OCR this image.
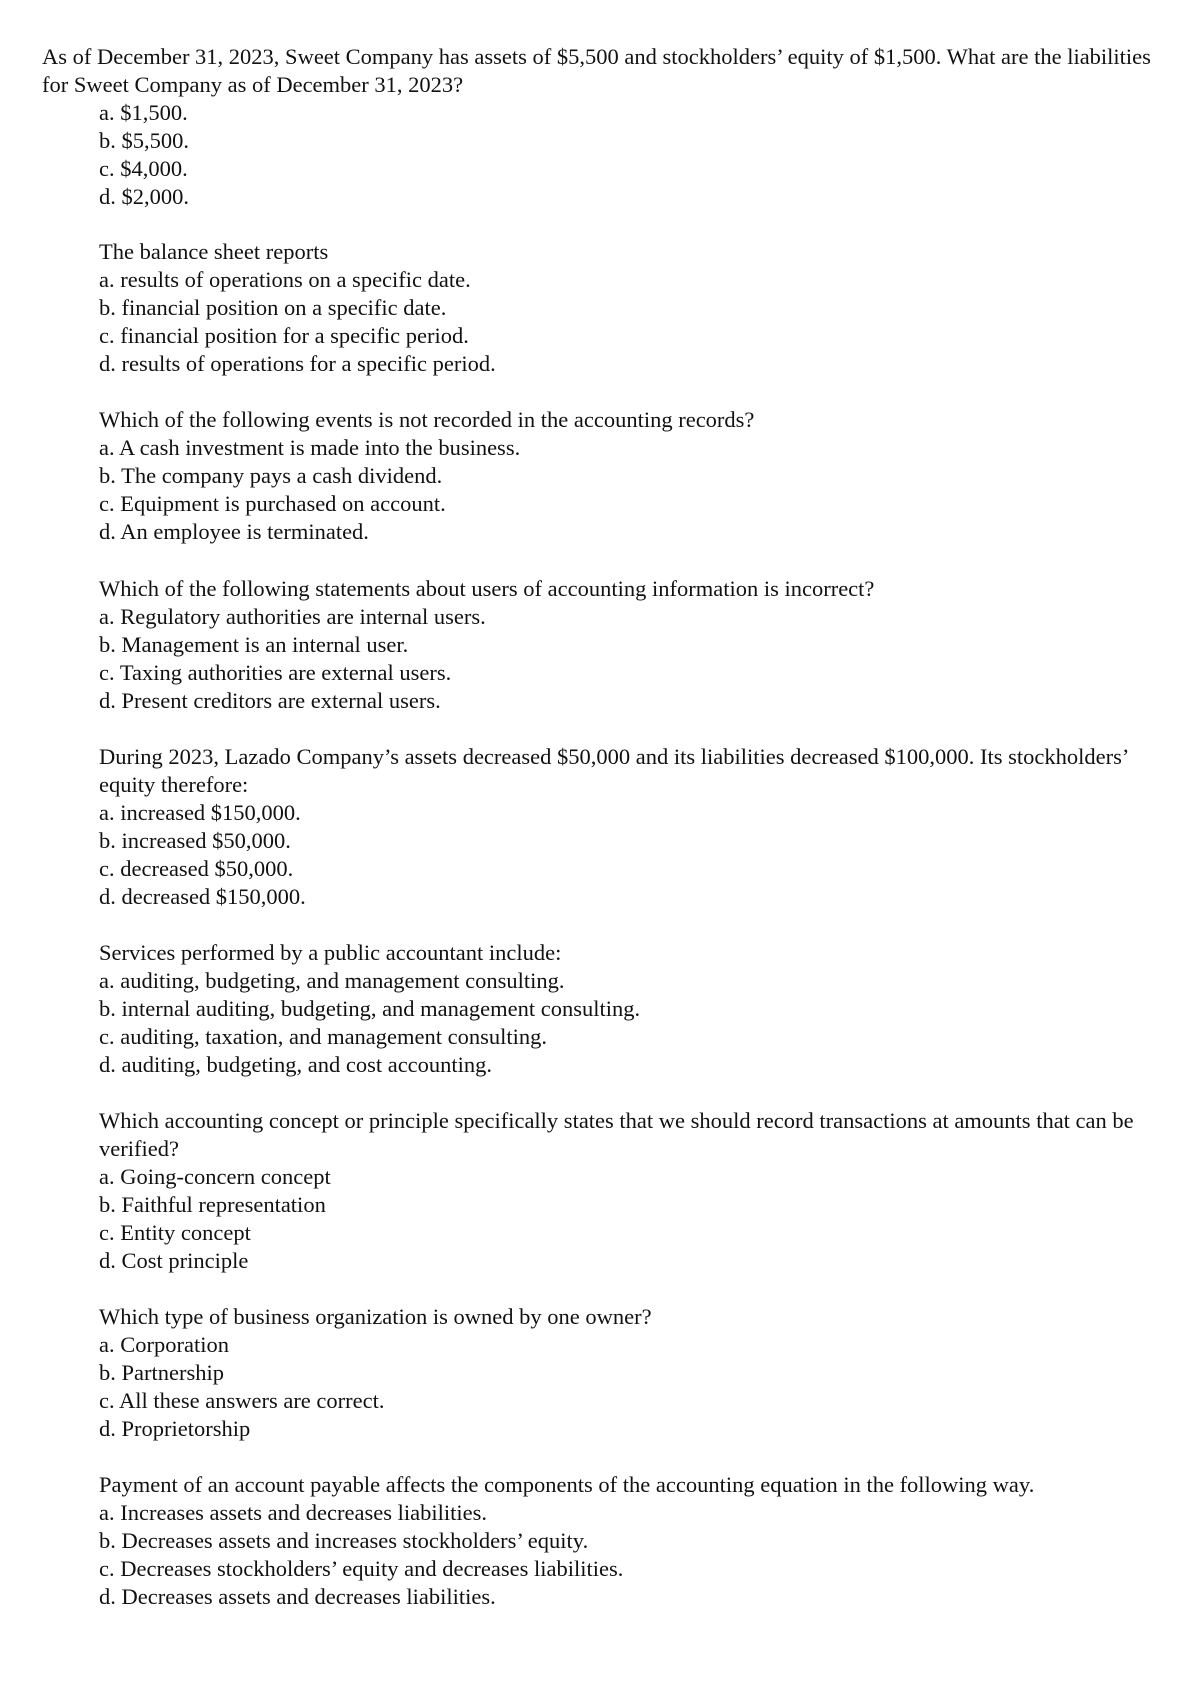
As of December 31, 2023, Sweet Company has assets of $5,500 and stockholders’ equity of $1,500. What are the liabilities for Sweet Company as of December 31, 2023?
a. $1,500.
b. $5,500.
c. $4,000.
d. $2,000.
The balance sheet reports
a. results of operations on a specific date.
b. financial position on a specific date.
c. financial position for a specific period.
d. results of operations for a specific period.
Which of the following events is not recorded in the accounting records?
a. A cash investment is made into the business.
b. The company pays a cash dividend.
c. Equipment is purchased on account.
d. An employee is terminated.
Which of the following statements about users of accounting information is incorrect?
a. Regulatory authorities are internal users.
b. Management is an internal user.
c. Taxing authorities are external users.
d. Present creditors are external users.
During 2023, Lazado Company’s assets decreased $50,000 and its liabilities decreased $100,000. Its stockholders’ equity therefore:
a. increased $150,000.
b. increased $50,000.
c. decreased $50,000.
d. decreased $150,000.
Services performed by a public accountant include:
a. auditing, budgeting, and management consulting.
b. internal auditing, budgeting, and management consulting.
c. auditing, taxation, and management consulting.
d. auditing, budgeting, and cost accounting.
Which accounting concept or principle specifically states that we should record transactions at amounts that can be verified?
a. Going-concern concept
b. Faithful representation
c. Entity concept
d. Cost principle
Which type of business organization is owned by one owner?
a. Corporation
b. Partnership
c. All these answers are correct.
d. Proprietorship
Payment of an account payable affects the components of the accounting equation in the following way.
a. Increases assets and decreases liabilities.
b. Decreases assets and increases stockholders’ equity.
c. Decreases stockholders’ equity and decreases liabilities.
d. Decreases assets and decreases liabilities.
